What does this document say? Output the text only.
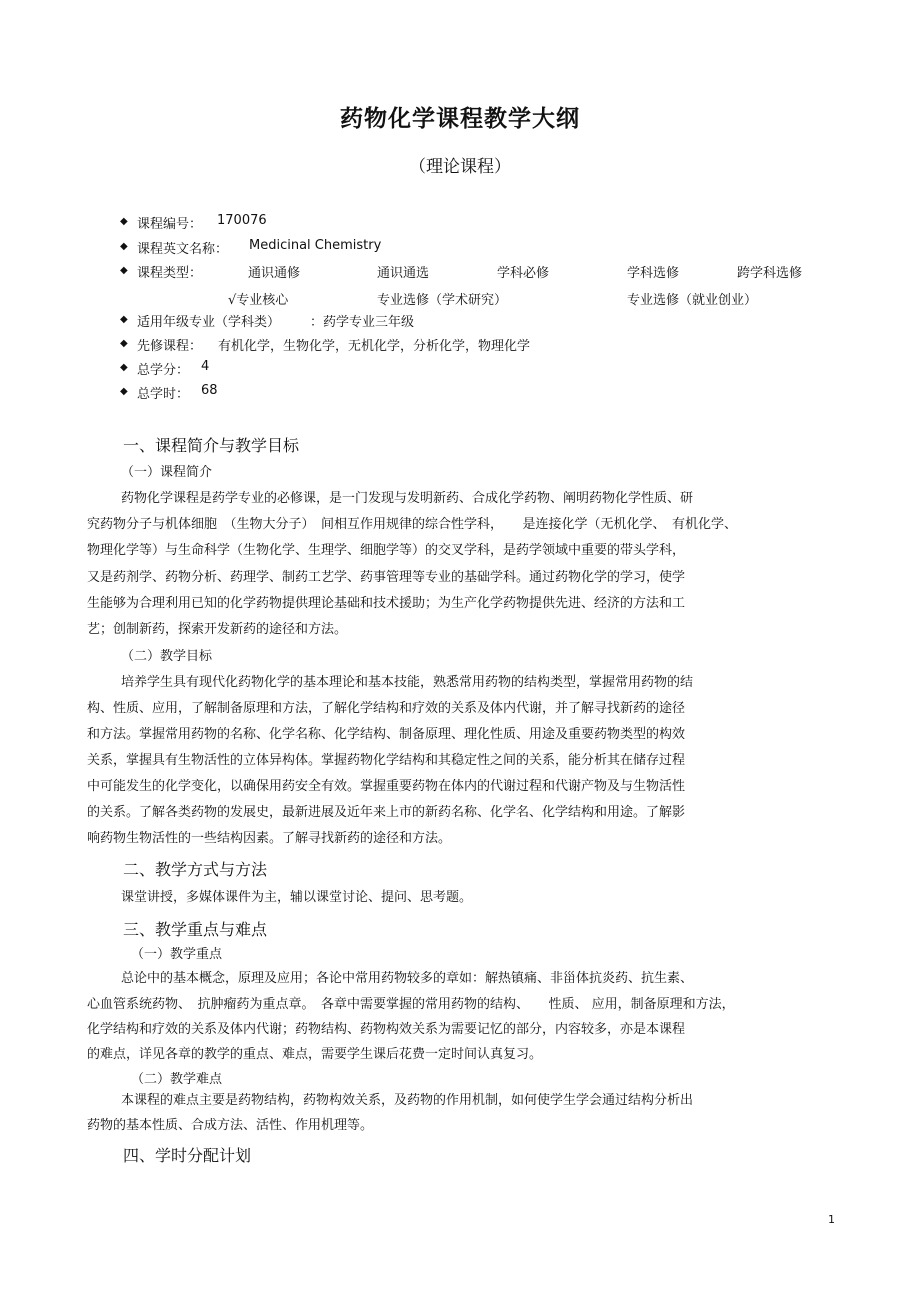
药物化学课程教学大纲
（理论课程）
◆ 课程编号： 170076
◆ 课程英文名称： Medicinal Chemistry
◆ 课程类型：	通识通修	通识通选	学科必修	学科选修	跨学科选修
√专业核心	专业选修（学术研究）	专业选修（就业创业）
◆ 适用年级专业（学科类） ：药学专业三年级
◆ 先修课程： 有机化学，生物化学，无机化学，分析化学，物理化学
◆ 总学分： 4
◆ 总学时： 68
一、课程简介与教学目标
（一）课程简介
药物化学课程是药学专业的必修课，是一门发现与发明新药、合成化学药物、阐明药物化学性质、研
究药物分子与机体细胞　（生物大分子）　间相互作用规律的综合性学科，　　是连接化学（无机化学、　有机化学、
物理化学等）与生命科学（生物化学、生理学、细胞学等）的交叉学科，是药学领域中重要的带头学科，
又是药剂学、药物分析、药理学、制药工艺学、药事管理等专业的基础学科。通过药物化学的学习，使学
生能够为合理利用已知的化学药物提供理论基础和技术援助；为生产化学药物提供先进、经济的方法和工
艺；创制新药，探索开发新药的途径和方法。
（二）教学目标
培养学生具有现代化药物化学的基本理论和基本技能，熟悉常用药物的结构类型，掌握常用药物的结
构、性质、应用，了解制备原理和方法，了解化学结构和疗效的关系及体内代谢，并了解寻找新药的途径
和方法。掌握常用药物的名称、化学名称、化学结构、制备原理、理化性质、用途及重要药物类型的构效
关系，掌握具有生物活性的立体异构体。掌握药物化学结构和其稳定性之间的关系，能分析其在储存过程
中可能发生的化学变化，以确保用药安全有效。掌握重要药物在体内的代谢过程和代谢产物及与生物活性
的关系。了解各类药物的发展史，最新进展及近年来上市的新药名称、化学名、化学结构和用途。了解影
响药物生物活性的一些结构因素。了解寻找新药的途径和方法。
二、教学方式与方法
课堂讲授，多媒体课件为主，辅以课堂讨论、提问、思考题。
三、教学重点与难点
（一）教学重点
总论中的基本概念，原理及应用；各论中常用药物较多的章如：解热镇痛、非甾体抗炎药、抗生素、
心血管系统药物、　抗肿瘤药为重点章。　各章中需要掌握的常用药物的结构、　　性质、 应用，制备原理和方法，
化学结构和疗效的关系及体内代谢；药物结构、药物构效关系为需要记忆的部分，内容较多，亦是本课程
的难点，详见各章的教学的重点、难点，需要学生课后花费一定时间认真复习。
（二）教学难点
本课程的难点主要是药物结构，药物构效关系，及药物的作用机制，如何使学生学会通过结构分析出
药物的基本性质、合成方法、活性、作用机理等。
四、学时分配计划
1
